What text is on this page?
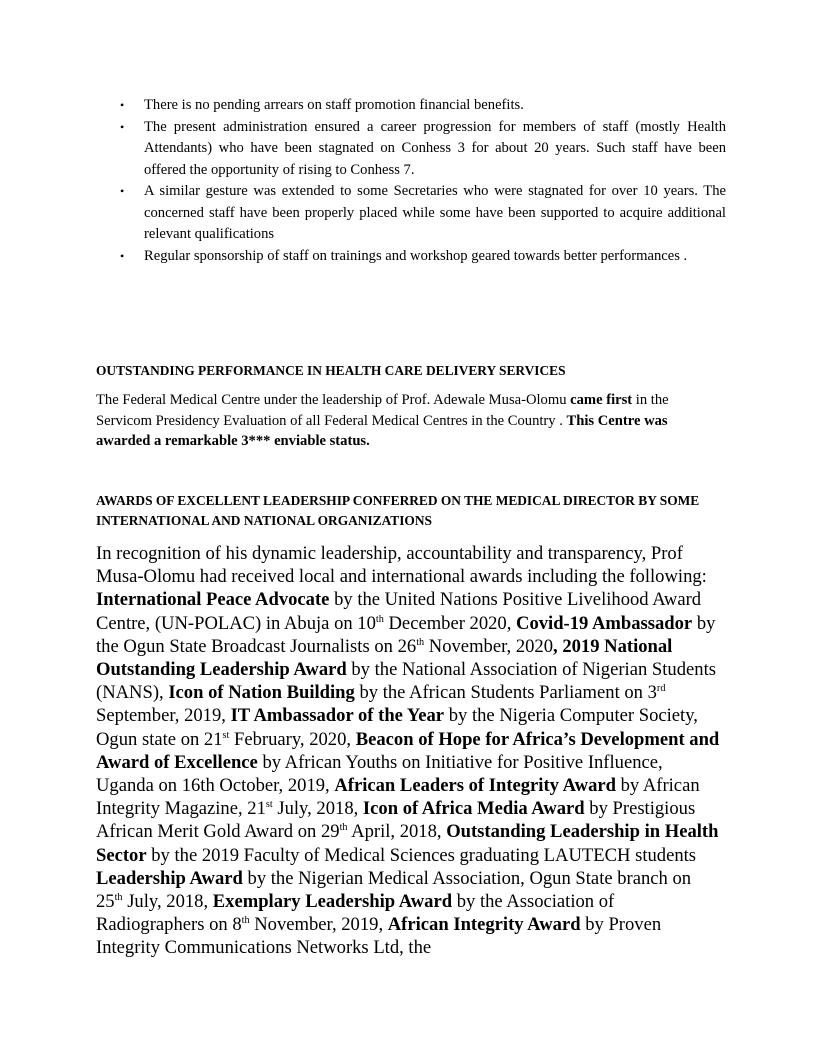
• There is no pending arrears on staff promotion financial benefits.
• The present administration ensured a career progression for members of staff (mostly Health Attendants) who have been stagnated on Conhess 3 for about 20 years. Such staff have been offered the opportunity of rising to Conhess 7.
• A similar gesture was extended to some Secretaries who were stagnated for over 10 years. The concerned staff have been properly placed while some have been supported to acquire additional relevant qualifications
• Regular sponsorship of staff on trainings and workshop geared towards better performances .
OUTSTANDING PERFORMANCE IN HEALTH CARE DELIVERY SERVICES

The Federal Medical Centre under the leadership of Prof. Adewale Musa-Olomu came first in the Servicom Presidency Evaluation of all Federal Medical Centres in the Country . This Centre was awarded a remarkable 3*** enviable status.

AWARDS OF EXCELLENT LEADERSHIP CONFERRED ON THE MEDICAL DIRECTOR BY SOME INTERNATIONAL AND NATIONAL ORGANIZATIONS

In recognition of his dynamic leadership, accountability and transparency, Prof Musa-Olomu had received local and international awards including the following: International Peace Advocate by the United Nations Positive Livelihood Award Centre, (UN-POLAC) in Abuja on 10th December 2020, Covid-19 Ambassador by the Ogun State Broadcast Journalists on 26th November, 2020, 2019 National Outstanding Leadership Award by the National Association of Nigerian Students (NANS), Icon of Nation Building by the African Students Parliament on 3rd September, 2019, IT Ambassador of the Year by the Nigeria Computer Society, Ogun state on 21st February, 2020, Beacon of Hope for Africa’s Development and Award of Excellence by African Youths on Initiative for Positive Influence, Uganda on 16th October, 2019, African Leaders of Integrity Award by African Integrity Magazine, 21st July, 2018, Icon of Africa Media Award by Prestigious African Merit Gold Award on 29th April, 2018, Outstanding Leadership in Health Sector by the 2019 Faculty of Medical Sciences graduating LAUTECH students Leadership Award by the Nigerian Medical Association, Ogun State branch on 25th July, 2018, Exemplary Leadership Award by the Association of Radiographers on 8th November, 2019, African Integrity Award by Proven Integrity Communications Networks Ltd, the
